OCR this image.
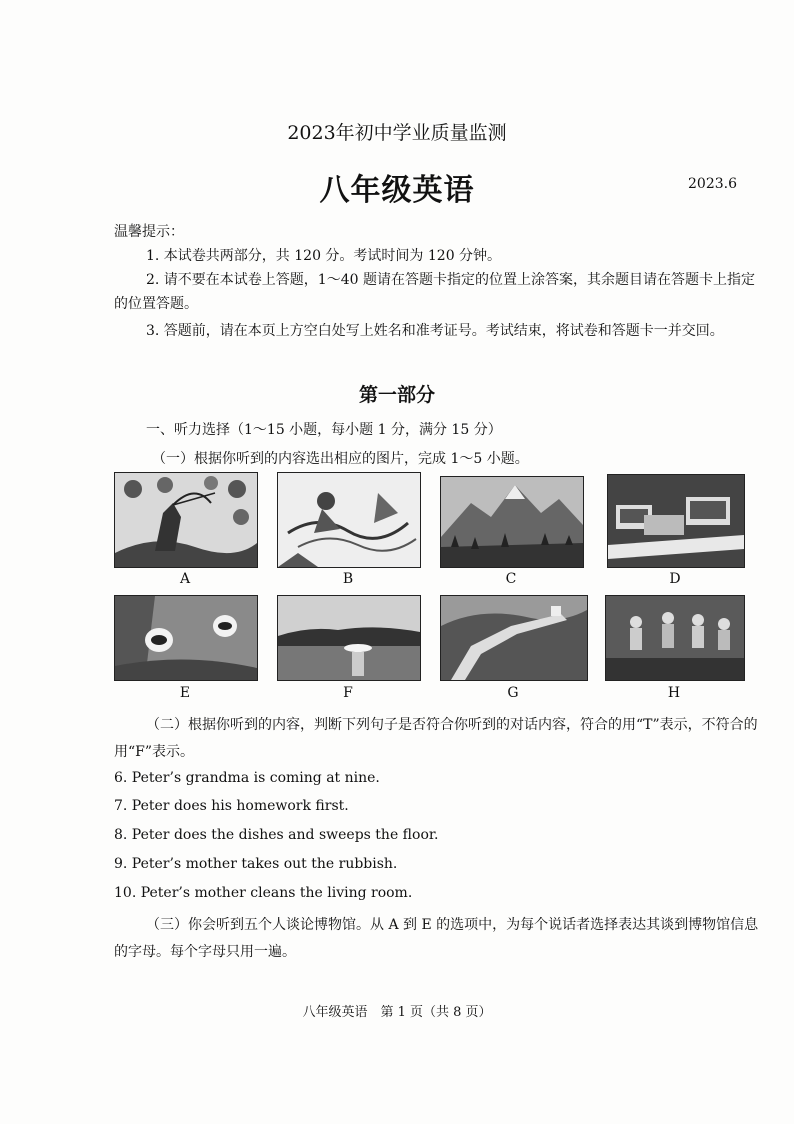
2023年初中学业质量监测
八年级英语	2023.6
温馨提示：
1. 本试卷共两部分，共 120 分。考试时间为 120 分钟。
2. 请不要在本试卷上答题，1～40 题请在答题卡指定的位置上涂答案，其余题目请在答题卡上指定的位置答题。
3. 答题前，请在本页上方空白处写上姓名和准考证号。考试结束，将试卷和答题卡一并交回。
第一部分
一、听力选择（1～15 小题，每小题 1 分，满分 15 分）
（一）根据你听到的内容选出相应的图片，完成 1～5 小题。
A	B	C	D
E	F	G	H
（二）根据你听到的内容，判断下列句子是否符合你听到的对话内容，符合的用“T”表示，不符合的用“F”表示。
6. Peter’s grandma is coming at nine.
7. Peter does his homework first.
8. Peter does the dishes and sweeps the floor.
9. Peter’s mother takes out the rubbish.
10. Peter’s mother cleans the living room.
（三）你会听到五个人谈论博物馆。从 A 到 E 的选项中，为每个说话者选择表达其谈到博物馆信息的字母。每个字母只用一遍。
八年级英语　第 1 页（共 8 页）
